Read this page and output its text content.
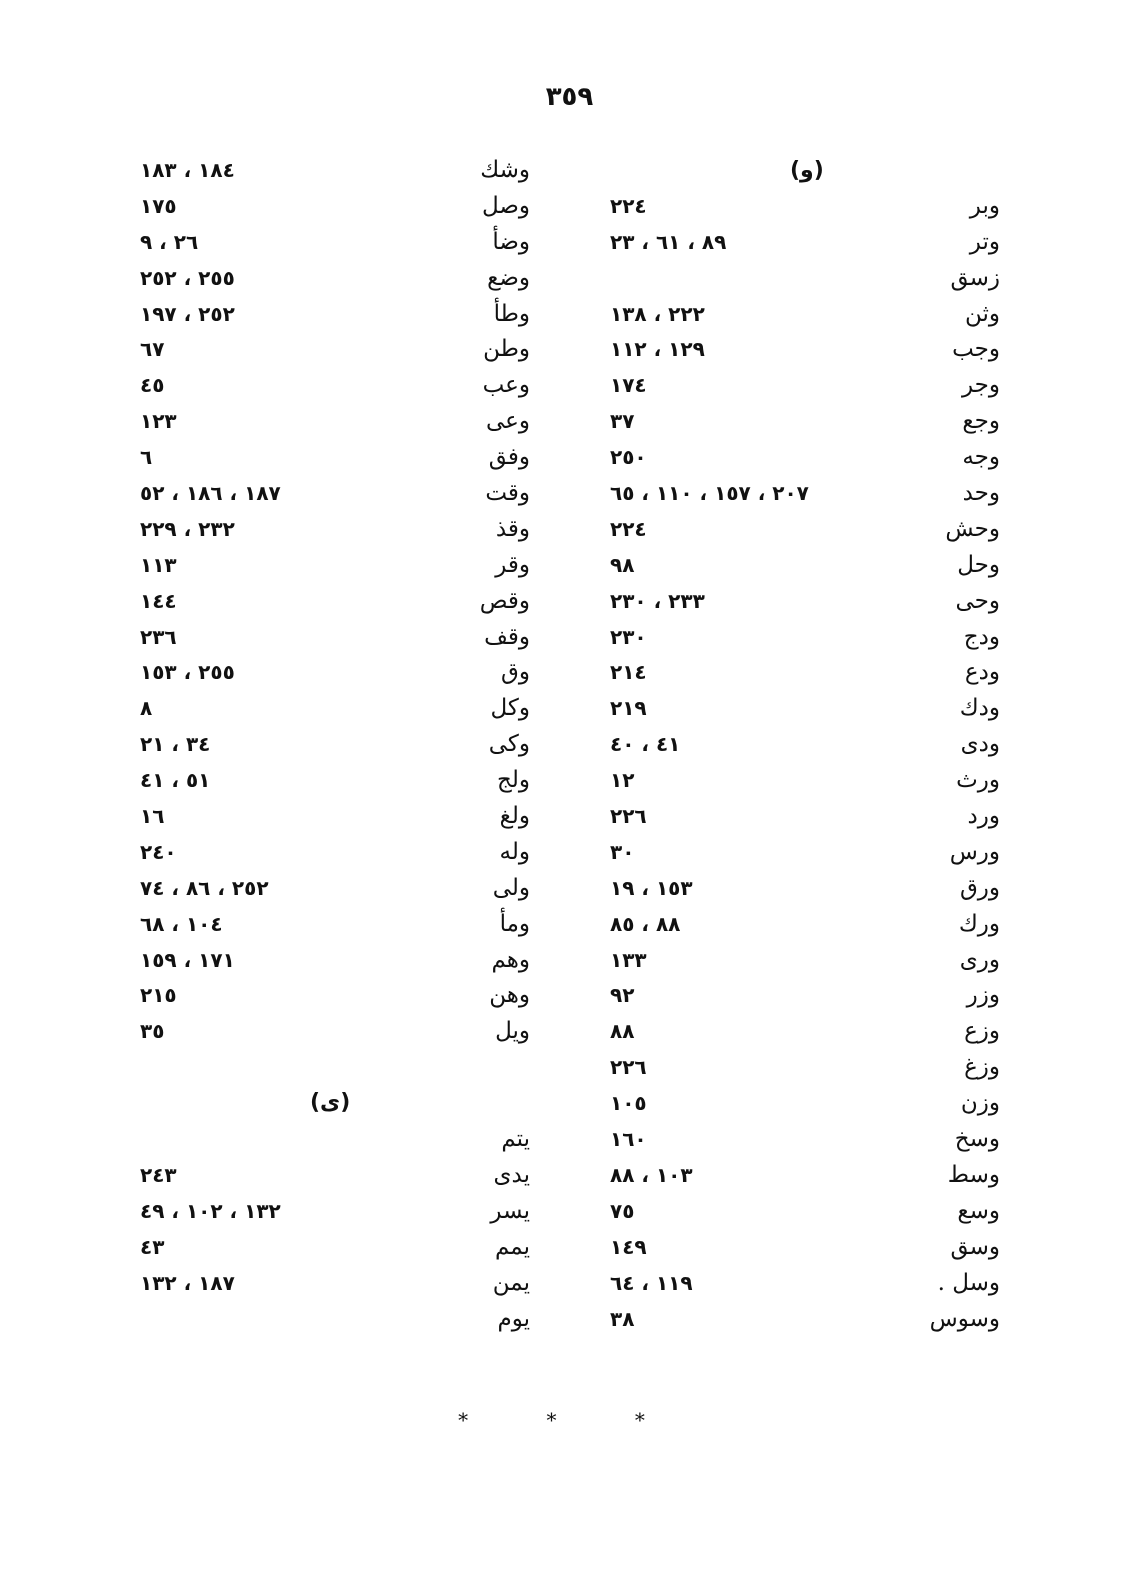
٣٥٩
(و)
(ى)
وبر
٢٢٤
وتر
٨٩ ، ٦١ ، ٢٣
زسق
وثن
٢٢٢ ، ١٣٨
وجب
١٢٩ ، ١١٢
وجر
١٧٤
وجع
٣٧
وجه
٢٥٠
وحد
٢٠٧ ، ١٥٧ ، ١١٠ ، ٦٥
وحش
٢٢٤
وحل
٩٨
وحى
٢٣٣ ، ٢٣٠
ودج
٢٣٠
ودع
٢١٤
ودك
٢١٩
ودى
٤١ ، ٤٠
ورث
١٢
ورد
٢٢٦
ورس
٣٠
ورق
١٥٣ ، ١٩
ورك
٨٨ ، ٨٥
ورى
١٣٣
وزر
٩٢
وزع
٨٨
وزغ
٢٢٦
وزن
١٠٥
وسخ
١٦٠
وسط
١٠٣ ، ٨٨
وسع
٧٥
وسق
١٤٩
وسل .
١١٩ ، ٦٤
وسوس
٣٨
وشك
١٨٤ ، ١٨٣
وصل
١٧٥
وضأ
٢٦ ، ٩
وضع
٢٥٥ ، ٢٥٢
وطأ
٢٥٢ ، ١٩٧
وطن
٦٧
وعب
٤٥
وعى
١٢٣
وفق
٦
وقت
١٨٧ ، ١٨٦ ، ٥٢
وقذ
٢٣٢ ، ٢٢٩
وقر
١١٣
وقص
١٤٤
وقف
٢٣٦
وق
٢٥٥ ، ١٥٣
وكل
٨
وكى
٣٤ ، ٢١
ولج
٥١ ، ٤١
ولغ
١٦
وله
٢٤٠
ولى
٢٥٢ ، ٨٦ ، ٧٤
ومأ
١٠٤ ، ٦٨
وهم
١٧١ ، ١٥٩
وهن
٢١٥
ويل
٣٥
يتم
يدى
٢٤٣
يسر
١٣٢ ، ١٠٢ ، ٤٩
يمم
٤٣
يمن
١٨٧ ، ١٣٢
يوم
* * *
